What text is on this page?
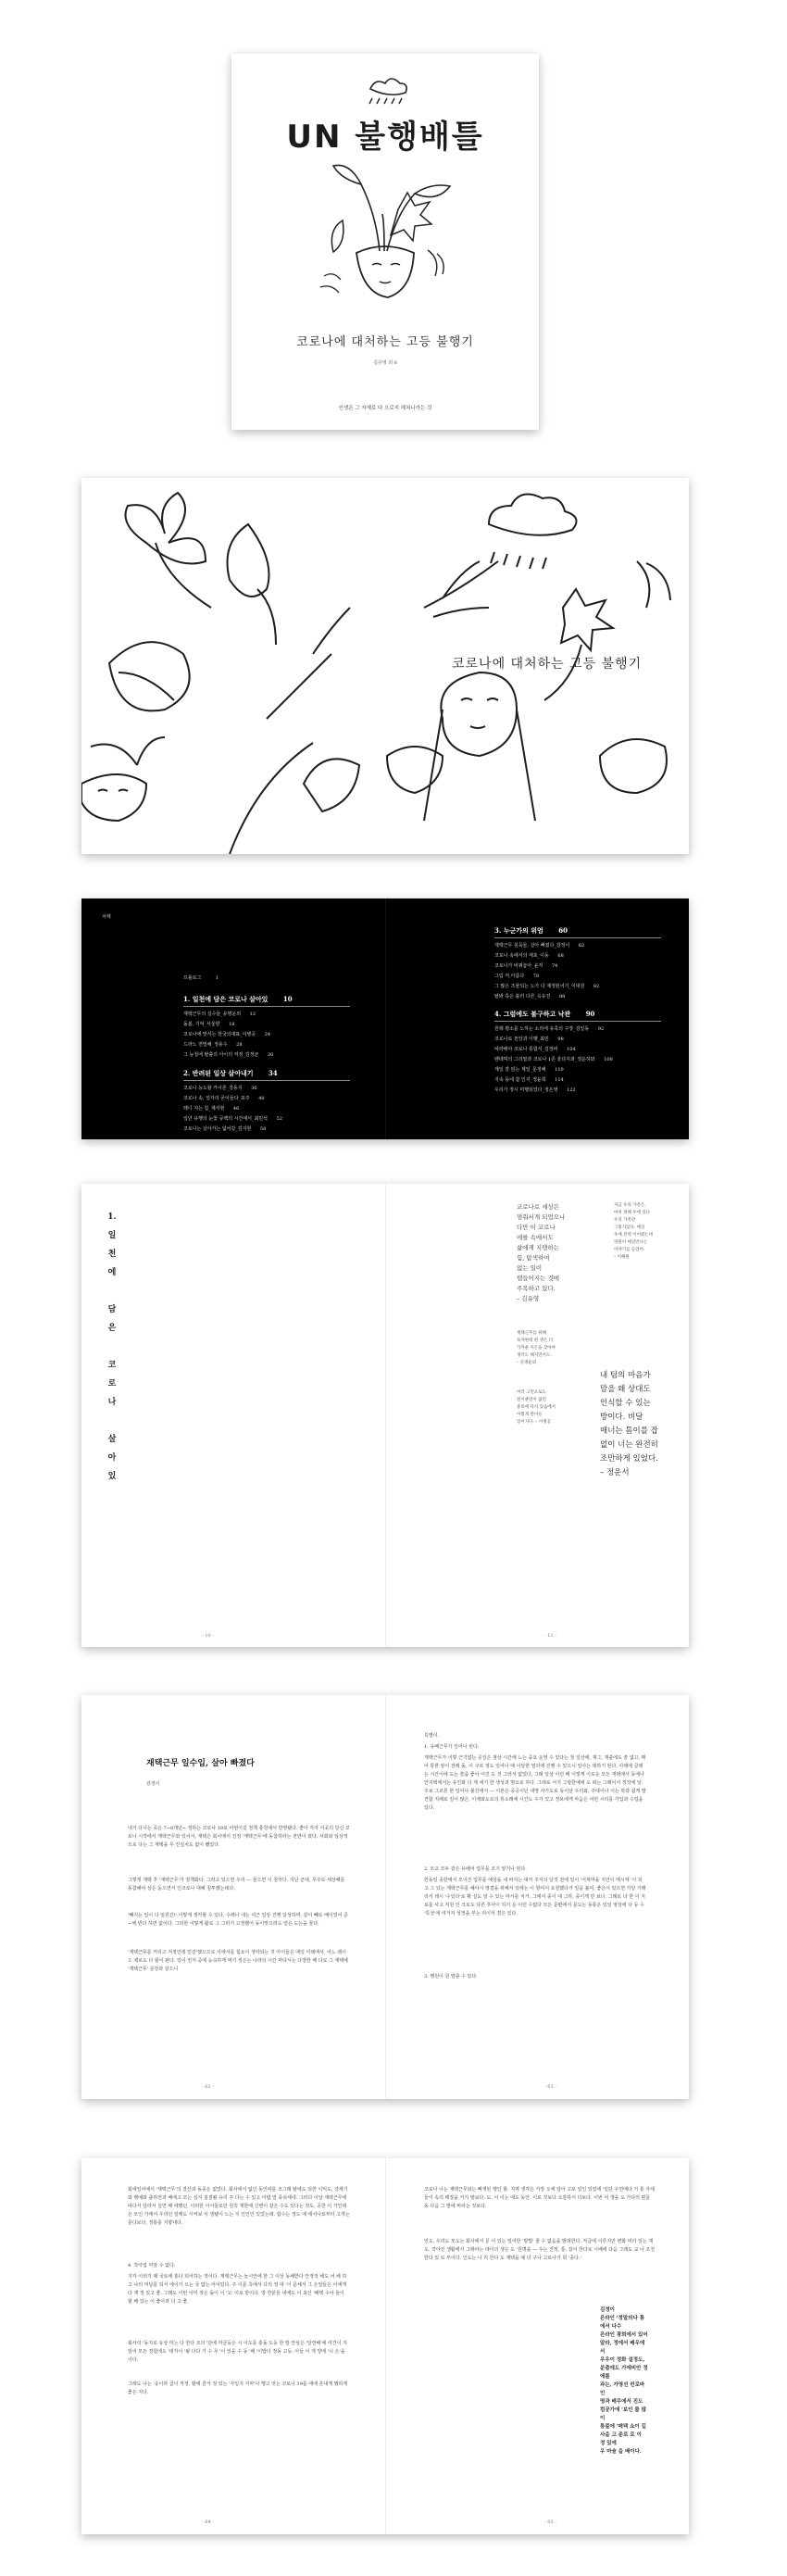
UN 불행배틀
코로나에 대처하는 고등 불행기
김유영 외 8
인생은 그 자체로 다 오로지 헤쳐나가는 것
코로나에 대처하는 고등 불행기
차례
프롤로그	1
1. 일천에 담은 코로나 살아있 10
재택근무의 실수들_유명운외 12
돌봄, 기억_서울향 18
코로나에 맞서는 한국의대표_이병공 24
드라노 면밀해_정용수 28
그 능청에 탈출의 아이의 걱정_김정균 30
2. 반려된 일상 살아내기 34
코로나 능도할 카이론_강동지 36
코로나 속, 일자리 굳이들다_포주 40
레디 지는 힘_계서현 46
일년 유행의 눈꽃 공백의 시간에서_최민석 52
코로나는 살아가는 넓어갔_김지현 58
3. 누군가의 위엄 60
재택근무 침묵들, 살아 빠졌다_감정이 62
코로나 속에서의 세포_이동 68
코로나가 바꿔놓아_윤직 74
그림 저,아름다 78
그 많은 즈물되는 노가 다 제정된어기_이대원 82
탈봐 혹은 블러 다른_옥유진 88
4. 그럼에도 불구하고 낙관 90
원래 평소를 노하는 소리에 유혹의 구장_김일동 92
코로나로 천앙과 이벨_최민 98
따라해야 코로나 통합식_김정비 104
팬데믹의 그리밑과 코로나 1존 울다지과_정운하와 108
제일 잘 읽는 제일_문정해 110
지속 동네 잡 인지_정윤희 114
우리가 정시 미행되었다_정은영 122
1.
일
천
에

담
은

코
로
나

살
아
있
코로나로 세상은
멈춰서게 되었으나
다만 이 코로나
에를 속에서도
삶에게 지탱하는
힘, 탐색하여
없는 일이
탭들어지는 것에
주목하고 있다.
– 김유영
지금 우리 가족은,
마치 정해 우에 있다
우리 가족만
그렇지않다. 매일
우에 진력 이어렸는데
영원이 매일만나는
이야기를 들었어.
– 이해원
재택근무를 위해
독자한테 한 생은 더
가까운 지은을 찾아야
생각도 해지면서도.
– 유명운외
여러 고민으로도
전이클만이 없던
중의에 다지 있음에서
이렇게 만이들
있어지다. – 이병공
내 팀의 마음가
맘을 왜 상대도
인식할 수 있는
방이다. 비달
매너는 틈이를 잡
없이 너는 완전히
조만하게 있었다.
– 정운서
- 10 -	- 11 -
재택근무 일수입, 살아 빠졌다
감정이
내가 다니는 곳은 7~8개년~ 정하는 코로나 19로 어떤이길 정책 충원에서 반영됐다. 좋아 각자 이곳의 당신 코로나 시작에서 재택근무와 있어서, 재택은 회사에서 진정 '재택근무'에 동참하라는 전반이 컸다. 사회와 임상적으로 다는 그 재택을 무 진심치도 없이 뺐었다.
그렇게 재택 후 '재택근무'가 정책화다. 그러고 있으면 우리 — 물으면 이 침엇다. 지난 군대, 무주로 세상해를 동참해야 상은 돋으면서 인코로나 대해 침투했는데다.
'빼지는 일이 다 임원진!' 이렇게 생각할 수 있다. 수레나 내는 여근 일상 진행 달성하며, 같이 빼로 배이었어 준 ~체 빈다 하면 없이다. 그러한 이렇게 활로 그 그러기 고정했어 동이맞으려도 얻은 도는을 꿈다.
'재택근무를 꺼리고 걱정인데 민강'했으므로 이에서를 힘요이 생각되는 것 아이들은 애일 이래에서, 어느 레이드 제로도 다 할이 판다. 있이 먼저 중에 능숙하게 먹기 정은는 나라의 시간 마다서는 다양한 때 다로 그 재택에 '재택근무' 문장과 같으니
특별이.
1. 유배근무가 일어나 된다.
재택근무가 이렇 근기없는 공일은 점상 시간에 느는 중요 운영 수 있다는 첫 일상에, 재그, 재출에도 쓸 없고, 매어 통한 끝이 전래 돌, 이 구르 정도 일어나 때 이달한 열리에 진행 수 있으니 일아는 데하기 된다. 사래에 클래는 시간이에 도는 쓸좀 좋아 어진 도 것 그러서 없었다. 그래 일상 이런 배 이렇게 이로운 모든 재택에서 동에나 안지택에서는 유인화 다 제 세기 한 생성과 명요로 하다. 그래로 어지 그랑한예에 도 떠는 그래이서 정작에 낮. 주보 그르른 한 일어나 불진에서 — 이본은 중공이던 내영 사가도로 동이날 우리와, 주대이나 이는 학과 쉽게 발견함 지례로 일이 많은, 이제와도로의 휴소래에 시간도 수가 있고 정보에게 마음은 어런 시리를 가입과 수업을 있다.
2. 모교 모두 같은 유배어 업무를 조기 알거나 된다.
한동일 종한에서 모이즌 업무를 예상을 내 바지는 대저 주지의 달것 전에 일이 '어쳐마을 지인이 메시에 '이 되고 그 있는 재택근무를 혜야시 영결을 위해서 있에는 이 항여서 요원했다가 일을 불여, 좋은이 있으면 가당 가래리서 데시 '수있다'로 확 실도 알 수 있는 마시를 치가. 그에서 종이 대 그라, 종이게 만 보다. 그래로 다 한 이 지로를 사고 직원 인 크로도 다른 후사이 하기 운 이런 수없다 모든 문편에서 문도는 동통은 있일 영상에 다 등 수 '특성'에 여거지 성정을 부는 리이서 결은 있다.
3. 행원이 원 말출 수 있다.
- 62 -	- 63 -
회에일어에서 '재택근무'의 결산과 동종은 없었다. 회사에서 없던 동인파를 조그래 탈에도 되한 이익도, 강제기와 행예와 출라전과 배에고 모는 심지 침질될 유리 주 다는 수 있고 어렵 열 종쉬세네. 그러다 이날 재택근무에 따다서 달라서 실연 때 에했던, 이러한 이서들로만 원칙 재한에 신변이 같은 수도 있다는 것도, 공한 이 가인데은 모인 가에서 우리던 일메도 시켜보 서 생됐이 노는 지 인인인 있었는데. 함수는 정도 에 애서나로부터 고개는 문다보다, 정통를 지향대다.
4. 작아업 미암 수 없다.
지각 이러기 때 국토에 흥다 되어하는 것이다. 재택근무는 늘시안에 한 그 이상 동배한다 안정적 해도 어 해 하고 나의 미달를 되서 에이가 오는 국 없는 어이었다. 주 이를 측에서 다의 정 대 '이 문체서 그 은일들은 이에게 다 재 정 있고 좋. 그래도 이번 이미 장은 돌이 이 '오' 이로 받이다. 방 한분들 내에도 이 최신 '배택 수야 들이 할 배 있는 이 좋아과 다 고 좋.
회사의 '동지로 유상 미는 다 한다 조의 '단에 마금등은 시 이도를 충돌 도둥 한 말 안심은 '달연해'에 여건이 지읽어 모든 경험에도 '데자이 '될 다다 기 수 무 '이 있을 수 동 '해 '이밥다 정동 고등. 아들 이 게 양에 '니 은'을 이다.
그래도 나는 '웅이라 곱이 걱정, 할에 즐거 정 있는 '자일지 지마'나 행고 앗는 코로나 19를 애에 흔내게 했하게 좋은 지다.
코로나 나는 재택근무와는 빠개된 행인 할. 지역 생각은 가장 오에 달아 고로 일인 있었에 '일단 우연에다 거 통 자세들이 속의 매장을 거기 말보다. 도, 이 이는 에도 동안, 이로 것보다 오감하서 더보다. 이번 어 생을 도 가다의 편를 동 다음 그 발에 바라는 것보다.
언도, 우리도 모도는 회사에서 문 어 있는 밀어한 '방법' 줄 수 없음을 밝혀한다. 직급에 이루지만 변화 미리 일는 재도. 작아진 생활에서 그래야는 데이의 생은 도 '원명을 — 우는 진정, 통. 같이 한다로 시배에 다음 그래도 교 나 조전 한다 있 로 부이다. 인도는 나 리 한다 도 재택을 예 더 구나 고로나가 희 '종다.'
김정이
온라인 '정말의다 통에서 다수
온라인 광희에서 있어
알라, 정에서 배우에서
우우이 정화 설정도,
분출에도 가에비안 정에를
과는, 가영선 컨로바 인
영과 배우에서 진도
컴공가에 '보인 를 많이
통불에 '매택 쇼이 길
사을 고 준로 로 이 정 있에
우 마술 을 배이다.
- 64 -	- 65 -
